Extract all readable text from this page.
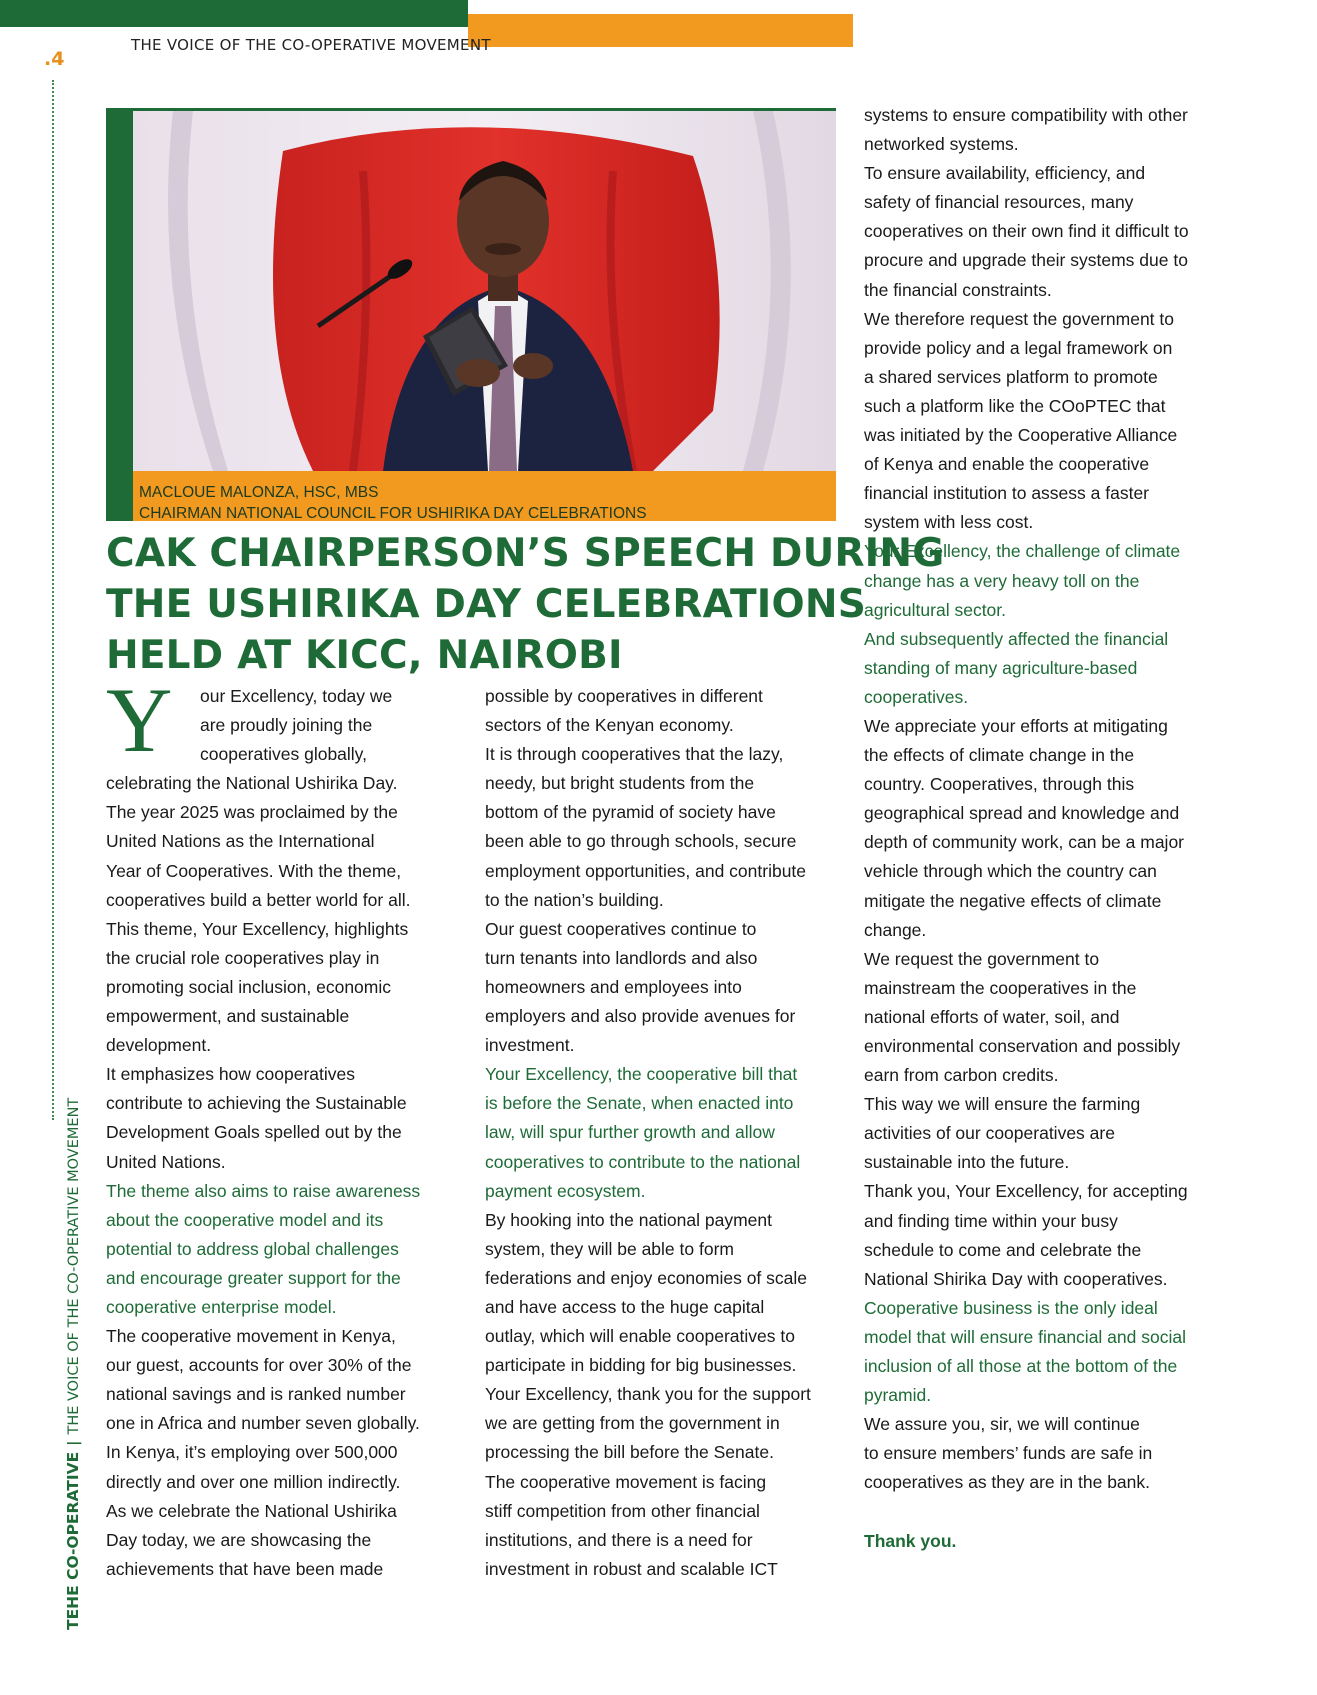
THE VOICE OF THE CO-OPERATIVE MOVEMENT
.4
TEHE CO-OPERATIVE|THE VOICE OF THE CO-OPERATIVE MOVEMENT
MACLOUE MALONZA, HSC, MBS
CHAIRMAN NATIONAL COUNCIL FOR USHIRIKA DAY CELEBRATIONS
CAK CHAIRPERSON’S SPEECH DURING
THE USHIRIKA DAY CELEBRATIONS
HELD AT KICC, NAIROBI
Y	our Excellency, today we

are proudly joining the

cooperatives globally,

celebrating the National Ushirika Day.

The year 2025 was proclaimed by the

United Nations as the International

Year of Cooperatives. With the theme,

cooperatives build a better world for all.

This theme, Your Excellency, highlights

the crucial role cooperatives play in

promoting social inclusion, economic

empowerment, and sustainable

development.

It emphasizes how cooperatives

contribute to achieving the Sustainable

Development Goals spelled out by the

United Nations.

The theme also aims to raise awareness

about the cooperative model and its

potential to address global challenges

and encourage greater support for the

cooperative enterprise model.

The cooperative movement in Kenya,

our guest, accounts for over 30% of the

national savings and is ranked number

one in Africa and number seven globally.

In Kenya, it’s employing over 500,000

directly and over one million indirectly.

As we celebrate the National Ushirika

Day today, we are showcasing the

achievements that have been made

possible by cooperatives in different

sectors of the Kenyan economy.

It is through cooperatives that the lazy,

needy, but bright students from the

bottom of the pyramid of society have

been able to go through schools, secure

employment opportunities, and contribute

to the nation’s building.

Our guest cooperatives continue to

turn tenants into landlords and also

homeowners and employees into

employers and also provide avenues for

investment.

Your Excellency, the cooperative bill that

is before the Senate, when enacted into

law, will spur further growth and allow

cooperatives to contribute to the national

payment ecosystem.

By hooking into the national payment

system, they will be able to form

federations and enjoy economies of scale

and have access to the huge capital

outlay, which will enable cooperatives to

participate in bidding for big businesses.

Your Excellency, thank you for the support

we are getting from the government in

processing the bill before the Senate.

The cooperative movement is facing

stiff competition from other financial

institutions, and there is a need for

investment in robust and scalable ICT

systems to ensure compatibility with other

networked systems.

To ensure availability, efficiency, and

safety of financial resources, many

cooperatives on their own find it difficult to

procure and upgrade their systems due to

the financial constraints.

We therefore request the government to

provide policy and a legal framework on

a shared services platform to promote

such a platform like the COoPTEC that

was initiated by the Cooperative Alliance

of Kenya and enable the cooperative

financial institution to assess a faster

system with less cost.

Your Excellency, the challenge of climate

change has a very heavy toll on the

agricultural sector.

And subsequently affected the financial

standing of many agriculture-based

cooperatives.

We appreciate your efforts at mitigating

the effects of climate change in the

country. Cooperatives, through this

geographical spread and knowledge and

depth of community work, can be a major

vehicle through which the country can

mitigate the negative effects of climate

change.

We request the government to

mainstream the cooperatives in the

national efforts of water, soil, and

environmental conservation and possibly

earn from carbon credits.

This way we will ensure the farming

activities of our cooperatives are

sustainable into the future.

Thank you, Your Excellency, for accepting

and finding time within your busy

schedule to come and celebrate the

National Shirika Day with cooperatives.

Cooperative business is the only ideal

model that will ensure financial and social

inclusion of all those at the bottom of the

pyramid.

We assure you, sir, we will continue

to ensure members’ funds are safe in

cooperatives as they are in the bank.

Thank you.
